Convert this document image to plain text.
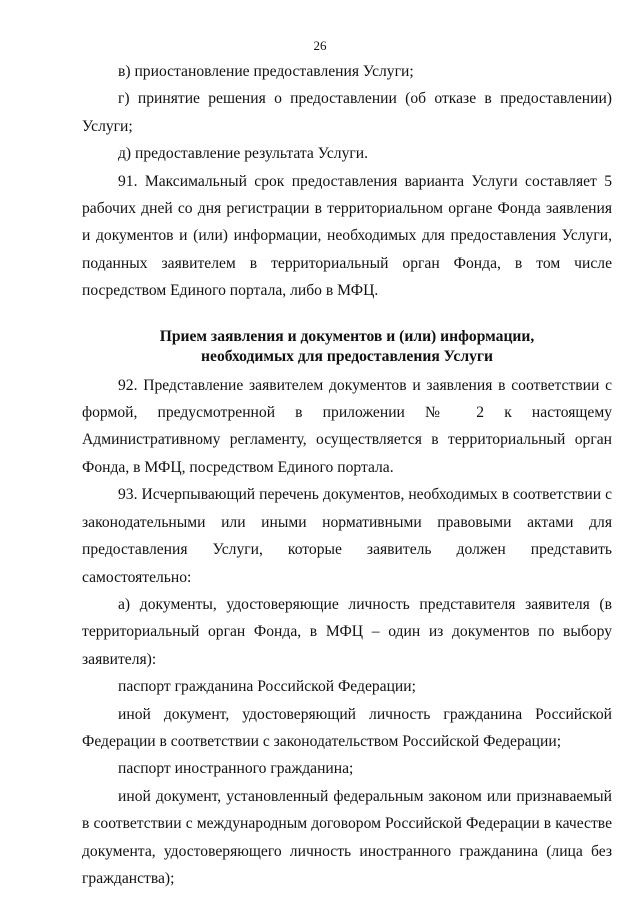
26

в) приостановление предоставления Услуги;

г) принятие решения о предоставлении (об отказе в предоставлении) Услуги;

д) предоставление результата Услуги.

91. Максимальный срок предоставления варианта Услуги составляет 5 рабочих дней со дня регистрации в территориальном органе Фонда заявления и документов и (или) информации, необходимых для предоставления Услуги, поданных заявителем в территориальный орган Фонда, в том числе посредством Единого портала, либо в МФЦ.

Прием заявления и документов и (или) информации,
необходимых для предоставления Услуги

92. Представление заявителем документов и заявления в соответствии с формой, предусмотренной в приложении № 2 к настоящему Административному регламенту, осуществляется в территориальный орган Фонда, в МФЦ, посредством Единого портала.

93. Исчерпывающий перечень документов, необходимых в соответствии с законодательными или иными нормативными правовыми актами для предоставления Услуги, которые заявитель должен представить самостоятельно:

а) документы, удостоверяющие личность представителя заявителя (в территориальный орган Фонда, в МФЦ – один из документов по выбору заявителя):

паспорт гражданина Российской Федерации;

иной документ, удостоверяющий личность гражданина Российской Федерации в соответствии с законодательством Российской Федерации;

паспорт иностранного гражданина;

иной документ, установленный федеральным законом или признаваемый в соответствии с международным договором Российской Федерации в качестве документа, удостоверяющего личность иностранного гражданина (лица без гражданства);
